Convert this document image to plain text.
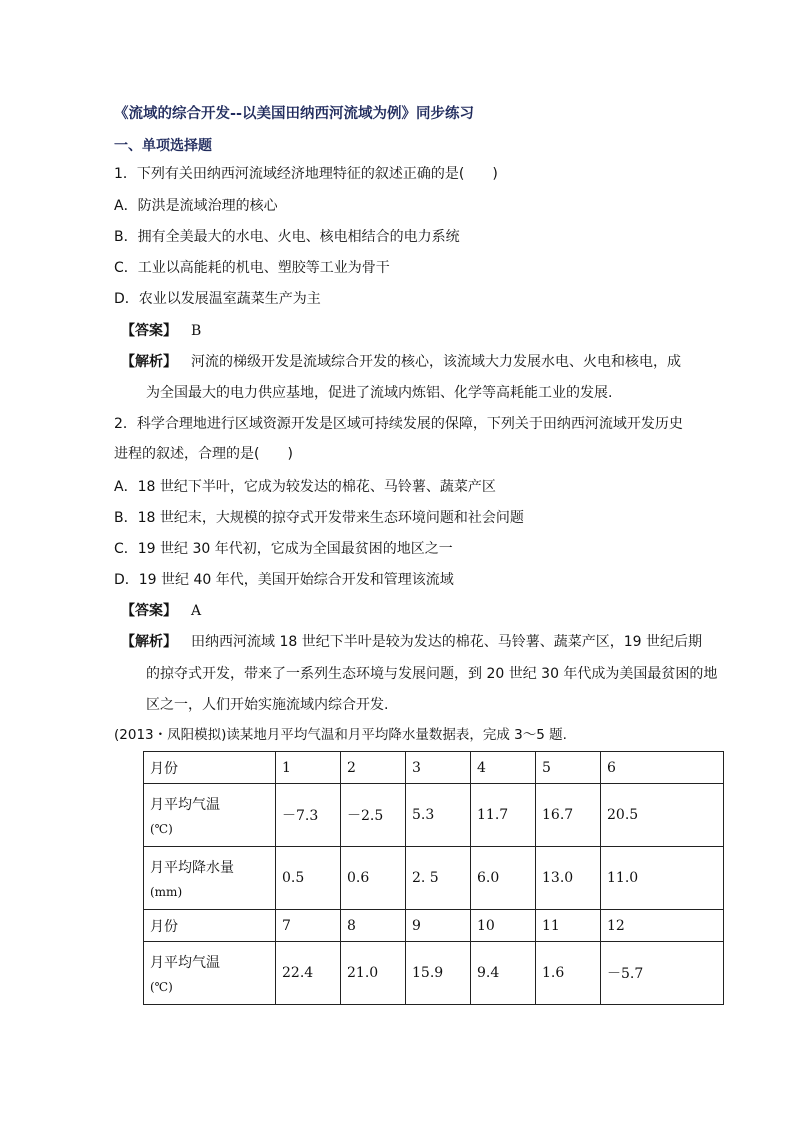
《流域的综合开发--以美国田纳西河流域为例》同步练习
一、单项选择题
1．下列有关田纳西河流域经济地理特征的叙述正确的是(　　)
A．防洪是流域治理的核心
B．拥有全美最大的水电、火电、核电相结合的电力系统
C．工业以高能耗的机电、塑胶等工业为骨干
D．农业以发展温室蔬菜生产为主
【答案】 B
【解析】 河流的梯级开发是流域综合开发的核心，该流域大力发展水电、火电和核电，成
为全国最大的电力供应基地，促进了流域内炼铝、化学等高耗能工业的发展.
2．科学合理地进行区域资源开发是区域可持续发展的保障，下列关于田纳西河流域开发历史
进程的叙述，合理的是(　　)
A．18 世纪下半叶，它成为较发达的棉花、马铃薯、蔬菜产区
B．18 世纪末，大规模的掠夺式开发带来生态环境问题和社会问题
C．19 世纪 30 年代初，它成为全国最贫困的地区之一
D．19 世纪 40 年代，美国开始综合开发和管理该流域
【答案】 A
【解析】 田纳西河流域 18 世纪下半叶是较为发达的棉花、马铃薯、蔬菜产区，19 世纪后期
的掠夺式开发，带来了一系列生态环境与发展问题，到 20 世纪 30 年代成为美国最贫困的地
区之一，人们开始实施流域内综合开发.
(2013・凤阳模拟)读某地月平均气温和月平均降水量数据表，完成 3～5 题.

月份	1	2	3	4	5	6
月平均气温
(℃)	－7.3	－2.5	5.3	11.7	16.7	20.5
月平均降水量
(mm)	0.5	0.6	2. 5	6.0	13.0	11.0
月份	7	8	9	10	11	12
月平均气温
(℃)	22.4	21.0	15.9	9.4	1.6	－5.7
